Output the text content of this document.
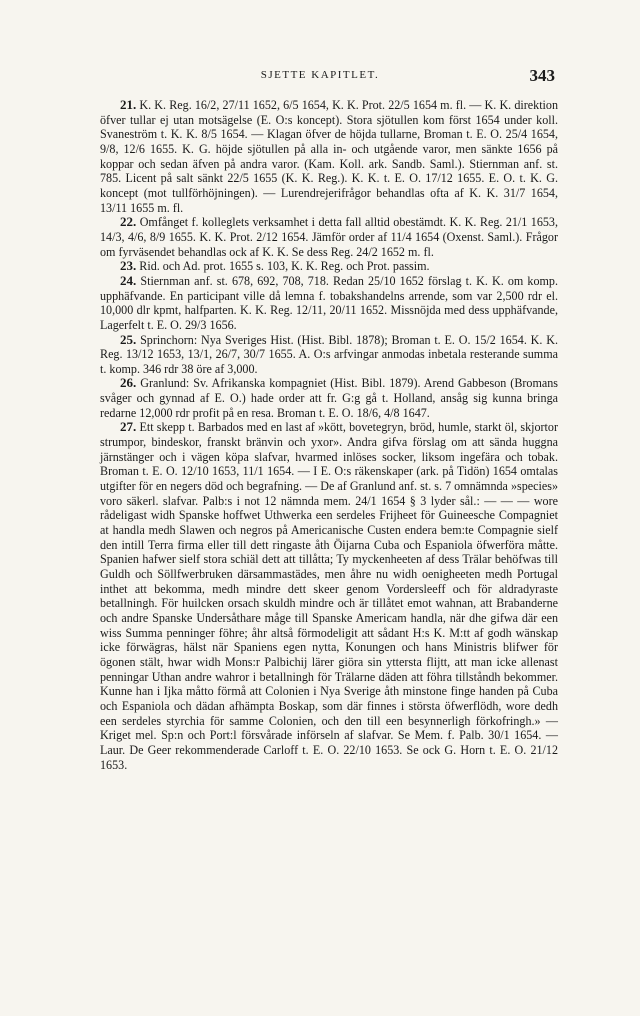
SJETTE KAPITLET.	343

21. K. K. Reg. 16/2, 27/11 1652, 6/5 1654, K. K. Prot. 22/5 1654 m. fl. — K. K. direktion öfver tullar ej utan motsägelse (E. O:s koncept). Stora sjötullen kom först 1654 under koll. Svaneström t. K. K. 8/5 1654. — Klagan öfver de höjda tullarne, Broman t. E. O. 25/4 1654, 9/8, 12/6 1655. K. G. höjde sjötullen på alla in- och utgående varor, men sänkte 1656 på koppar och sedan äfven på andra varor. (Kam. Koll. ark. Sandb. Saml.). Stiernman anf. st. 785. Licent på salt sänkt 22/5 1655 (K. K. Reg.). K. K. t. E. O. 17/12 1655. E. O. t. K. G. koncept (mot tullförhöjningen). — Lurendrejerifrågor behandlas ofta af K. K. 31/7 1654, 13/11 1655 m. fl.

22. Omfånget f. kolleglets verksamhet i detta fall alltid obestämdt. K. K. Reg. 21/1 1653, 14/3, 4/6, 8/9 1655. K. K. Prot. 2/12 1654. Jämför order af 11/4 1654 (Oxenst. Saml.). Frågor om fyrväsendet behandlas ock af K. K. Se dess Reg. 24/2 1652 m. fl.

23. Rid. och Ad. prot. 1655 s. 103, K. K. Reg. och Prot. passim.

24. Stiernman anf. st. 678, 692, 708, 718. Redan 25/10 1652 förslag t. K. K. om komp. upphäfvande. En participant ville då lemna f. tobakshandelns arrende, som var 2,500 rdr el. 10,000 dlr kpmt, halfparten. K. K. Reg. 12/11, 20/11 1652. Missnöjda med dess upphäfvande, Lagerfelt t. E. O. 29/3 1656.

25. Sprinchorn: Nya Sveriges Hist. (Hist. Bibl. 1878); Broman t. E. O. 15/2 1654. K. K. Reg. 13/12 1653, 13/1, 26/7, 30/7 1655. A. O:s arfvingar anmodas inbetala resterande summa t. komp. 346 rdr 38 öre af 3,000.

26. Granlund: Sv. Afrikanska kompagniet (Hist. Bibl. 1879). Arend Gabbeson (Bromans svåger och gynnad af E. O.) hade order att fr. G:g gå t. Holland, ansåg sig kunna bringa redarne 12,000 rdr profit på en resa. Broman t. E. O. 18/6, 4/8 1647.

27. Ett skepp t. Barbados med en last af »kött, bovetegryn, bröd, humle, starkt öl, skjortor strumpor, bindeskor, franskt bränvin och yxor». Andra gifva förslag om att sända huggna järnstänger och i vägen köpa slafvar, hvarmed inlöses socker, liksom ingefära och tobak. Broman t. E. O. 12/10 1653, 11/1 1654. — I E. O:s räkenskaper (ark. på Tidön) 1654 omtalas utgifter för en negers död och begrafning. — De af Granlund anf. st. s. 7 omnämnda »species» voro säkerl. slafvar. Palb:s i not 12 nämnda mem. 24/1 1654 § 3 lyder sål.: — — — wore rådeligast widh Spanske hoffwet Uthwerka een serdeles Frijheet för Guineesche Compagniet at handla medh Slawen och negros på Americanische Custen endera bem:te Compagnie sielf den intill Terra firma eller till dett ringaste åth Öijarna Cuba och Espaniola öfwerföra måtte. Spanien hafwer sielf stora schiäl dett att tillåtta; Ty myckenheeten af dess Trälar behöfwas till Guldh och Söllfwerbruken därsammastädes, men åhre nu widh oenigheeten medh Portugal inthet att bekomma, medh mindre dett skeer genom Vordersleeff och för aldradyraste betallningh. För huilcken orsach skuldh mindre och är tillåtet emot wahnan, att Brabanderne och andre Spanske Undersåthare måge till Spanske Americam handla, när dhe gifwa där een wiss Summa penninger föhre; åhr altså förmodeligit att sådant H:s K. M:tt af godh wänskap icke förwägras, hälst när Spaniens egen nytta, Konungen och hans Ministris blifwer för ögonen stält, hwar widh Mons:r Palbichij lärer giöra sin yttersta flijtt, att man icke allenast penningar Uthan andre wahror i betallningh för Trälarne däden att föhra tillståndh bekommer. Kunne han i Ijka måtto förmå att Colonien i Nya Sverige åth minstone finge handen på Cuba och Espaniola och dädan afhämpta Boskap, som där finnes i största öfwerflödh, wore dedh een serdeles styrchia för samme Colonien, och den till een besynnerligh förkofringh.» — Kriget mel. Sp:n och Port:l försvårade införseln af slafvar. Se Mem. f. Palb. 30/1 1654. — Laur. De Geer rekommenderade Carloff t. E. O. 22/10 1653. Se ock G. Horn t. E. O. 21/12 1653.
